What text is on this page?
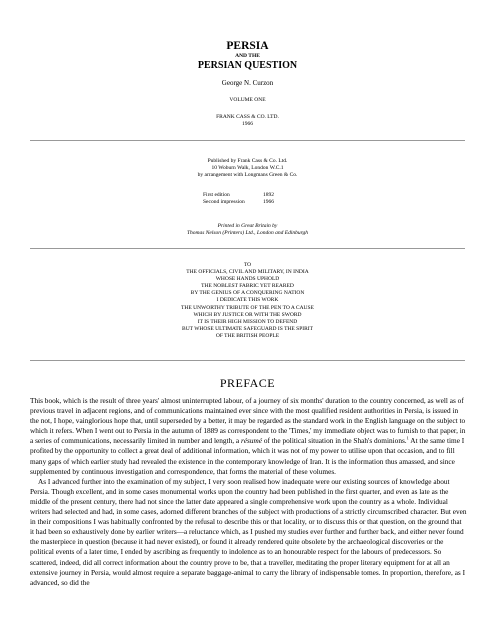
PERSIA
AND THE
PERSIAN QUESTION
George N. Curzon
VOLUME ONE
FRANK CASS & CO. LTD.
1966
Published by Frank Cass & Co. Ltd.
10 Woburn Walk, London W.C.1
by arrangement with Longmans Green & Co.
First edition	1892
Second impression	1966
Printed in Great Britain by
Thomas Nelson (Printers) Ltd., London and Edinburgh
TO
THE OFFICIALS, CIVIL AND MILITARY, IN INDIA
WHOSE HANDS UPHOLD
THE NOBLEST FABRIC YET REARED
BY THE GENIUS OF A CONQUERING NATION
I DEDICATE THIS WORK
THE UNWORTHY TRIBUTE OF THE PEN TO A CAUSE
WHICH BY JUSTICE OR WITH THE SWORD
IT IS THEIR HIGH MISSION TO DEFEND
BUT WHOSE ULTIMATE SAFEGUARD IS THE SPIRIT
OF THE BRITISH PEOPLE
PREFACE

This book, which is the result of three years' almost uninterrupted labour, of a journey of six months' duration to the country concerned, as well as of previous travel in adjacent regions, and of communications maintained ever since with the most qualified resident authorities in Persia, is issued in the not, I hope, vainglorious hope that, until superseded by a better, it may be regarded as the standard work in the English language on the subject to which it refers. When I went out to Persia in the autumn of 1889 as correspondent to the 'Times,' my immediate object was to furnish to that paper, in a series of communications, necessarily limited in number and length, a résumé of the political situation in the Shah's dominions.$^1$ At the same time I profited by the opportunity to collect a great deal of additional information, which it was not of my power to utilise upon that occasion, and to fill many gaps of which earlier study had revealed the existence in the contemporary knowledge of Iran. It is the information thus amassed, and since supplemented by continuous investigation and correspondence, that forms the material of these volumes.

As I advanced further into the examination of my subject, I very soon realised how inadequate were our existing sources of knowledge about Persia. Though excellent, and in some cases monumental works upon the country had been published in the first quarter, and even as late as the middle of the present century, there had not since the latter date appeared a single comprehensive work upon the country as a whole. Individual writers had selected and had, in some cases, adorned different branches of the subject with productions of a strictly circumscribed character. But even in their compositions I was habitually confronted by the refusal to describe this or that locality, or to discuss this or that question, on the ground that it had been so exhaustively done by earlier writers—a reluctance which, as I pushed my studies ever further and further back, and either never found the masterpiece in question (because it had never existed), or found it already rendered quite obsolete by the archaeological discoveries or the political events of a later time, I ended by ascribing as frequently to indolence as to an honourable respect for the labours of predecessors. So scattered, indeed, did all correct information about the country prove to be, that a traveller, meditating the proper literary equipment for at all an extensive journey in Persia, would almost require a separate baggage-animal to carry the library of indispensable tomes. In proportion, therefore, as I advanced, so did the
